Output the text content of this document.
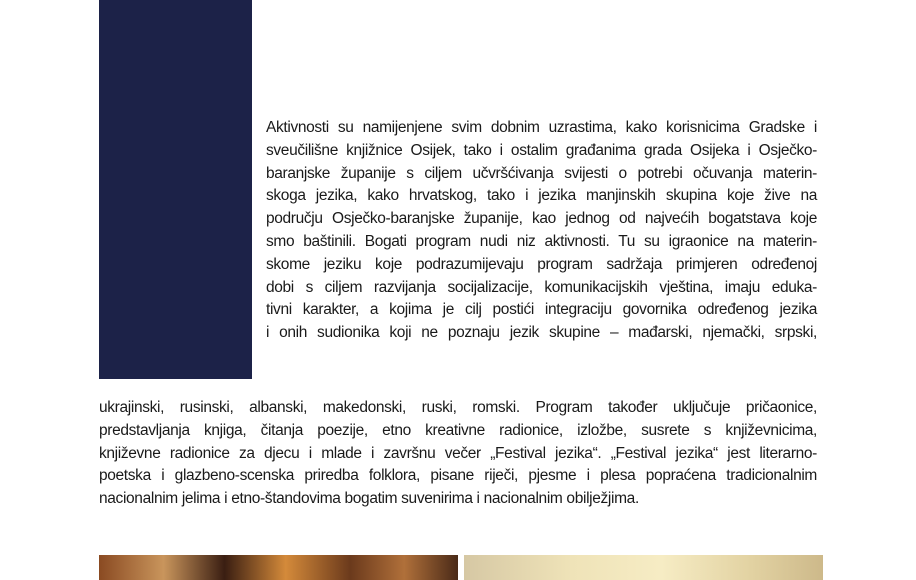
Aktivnosti su namijenjene svim dobnim uzrastima, kako korisnicima Gradske i
sveučilišne knjižnice Osijek, tako i ostalim građanima grada Osijeka i Osječko-
baranjske županije s ciljem učvršćivanja svijesti o potrebi očuvanja materin-
skoga jezika, kako hrvatskog, tako i jezika manjinskih skupina koje žive na
području Osječko-baranjske županije, kao jednog od najvećih bogatstava koje
smo baštinili. Bogati program nudi niz aktivnosti. Tu su igraonice na materin-
skome jeziku koje podrazumijevaju program sadržaja primjeren određenoj
dobi s ciljem razvijanja socijalizacije, komunikacijskih vještina, imaju eduka-
tivni karakter, a kojima je cilj postići integraciju govornika određenog jezika
i onih sudionika koji ne poznaju jezik skupine – mađarski, njemački, srpski,
ukrajinski, rusinski, albanski, makedonski, ruski, romski. Program također uključuje pričaonice,
predstavljanja knjiga, čitanja poezije, etno kreativne radionice, izložbe, susrete s književnicima,
književne radionice za djecu i mlade i završnu večer „Festival jezika“. „Festival jezika“ jest literarno-
poetska i glazbeno-scenska priredba folklora, pisane riječi, pjesme i plesa popraćena tradicionalnim
nacionalnim jelima i etno-štandovima bogatim suvenirima i nacionalnim obilježjima.
